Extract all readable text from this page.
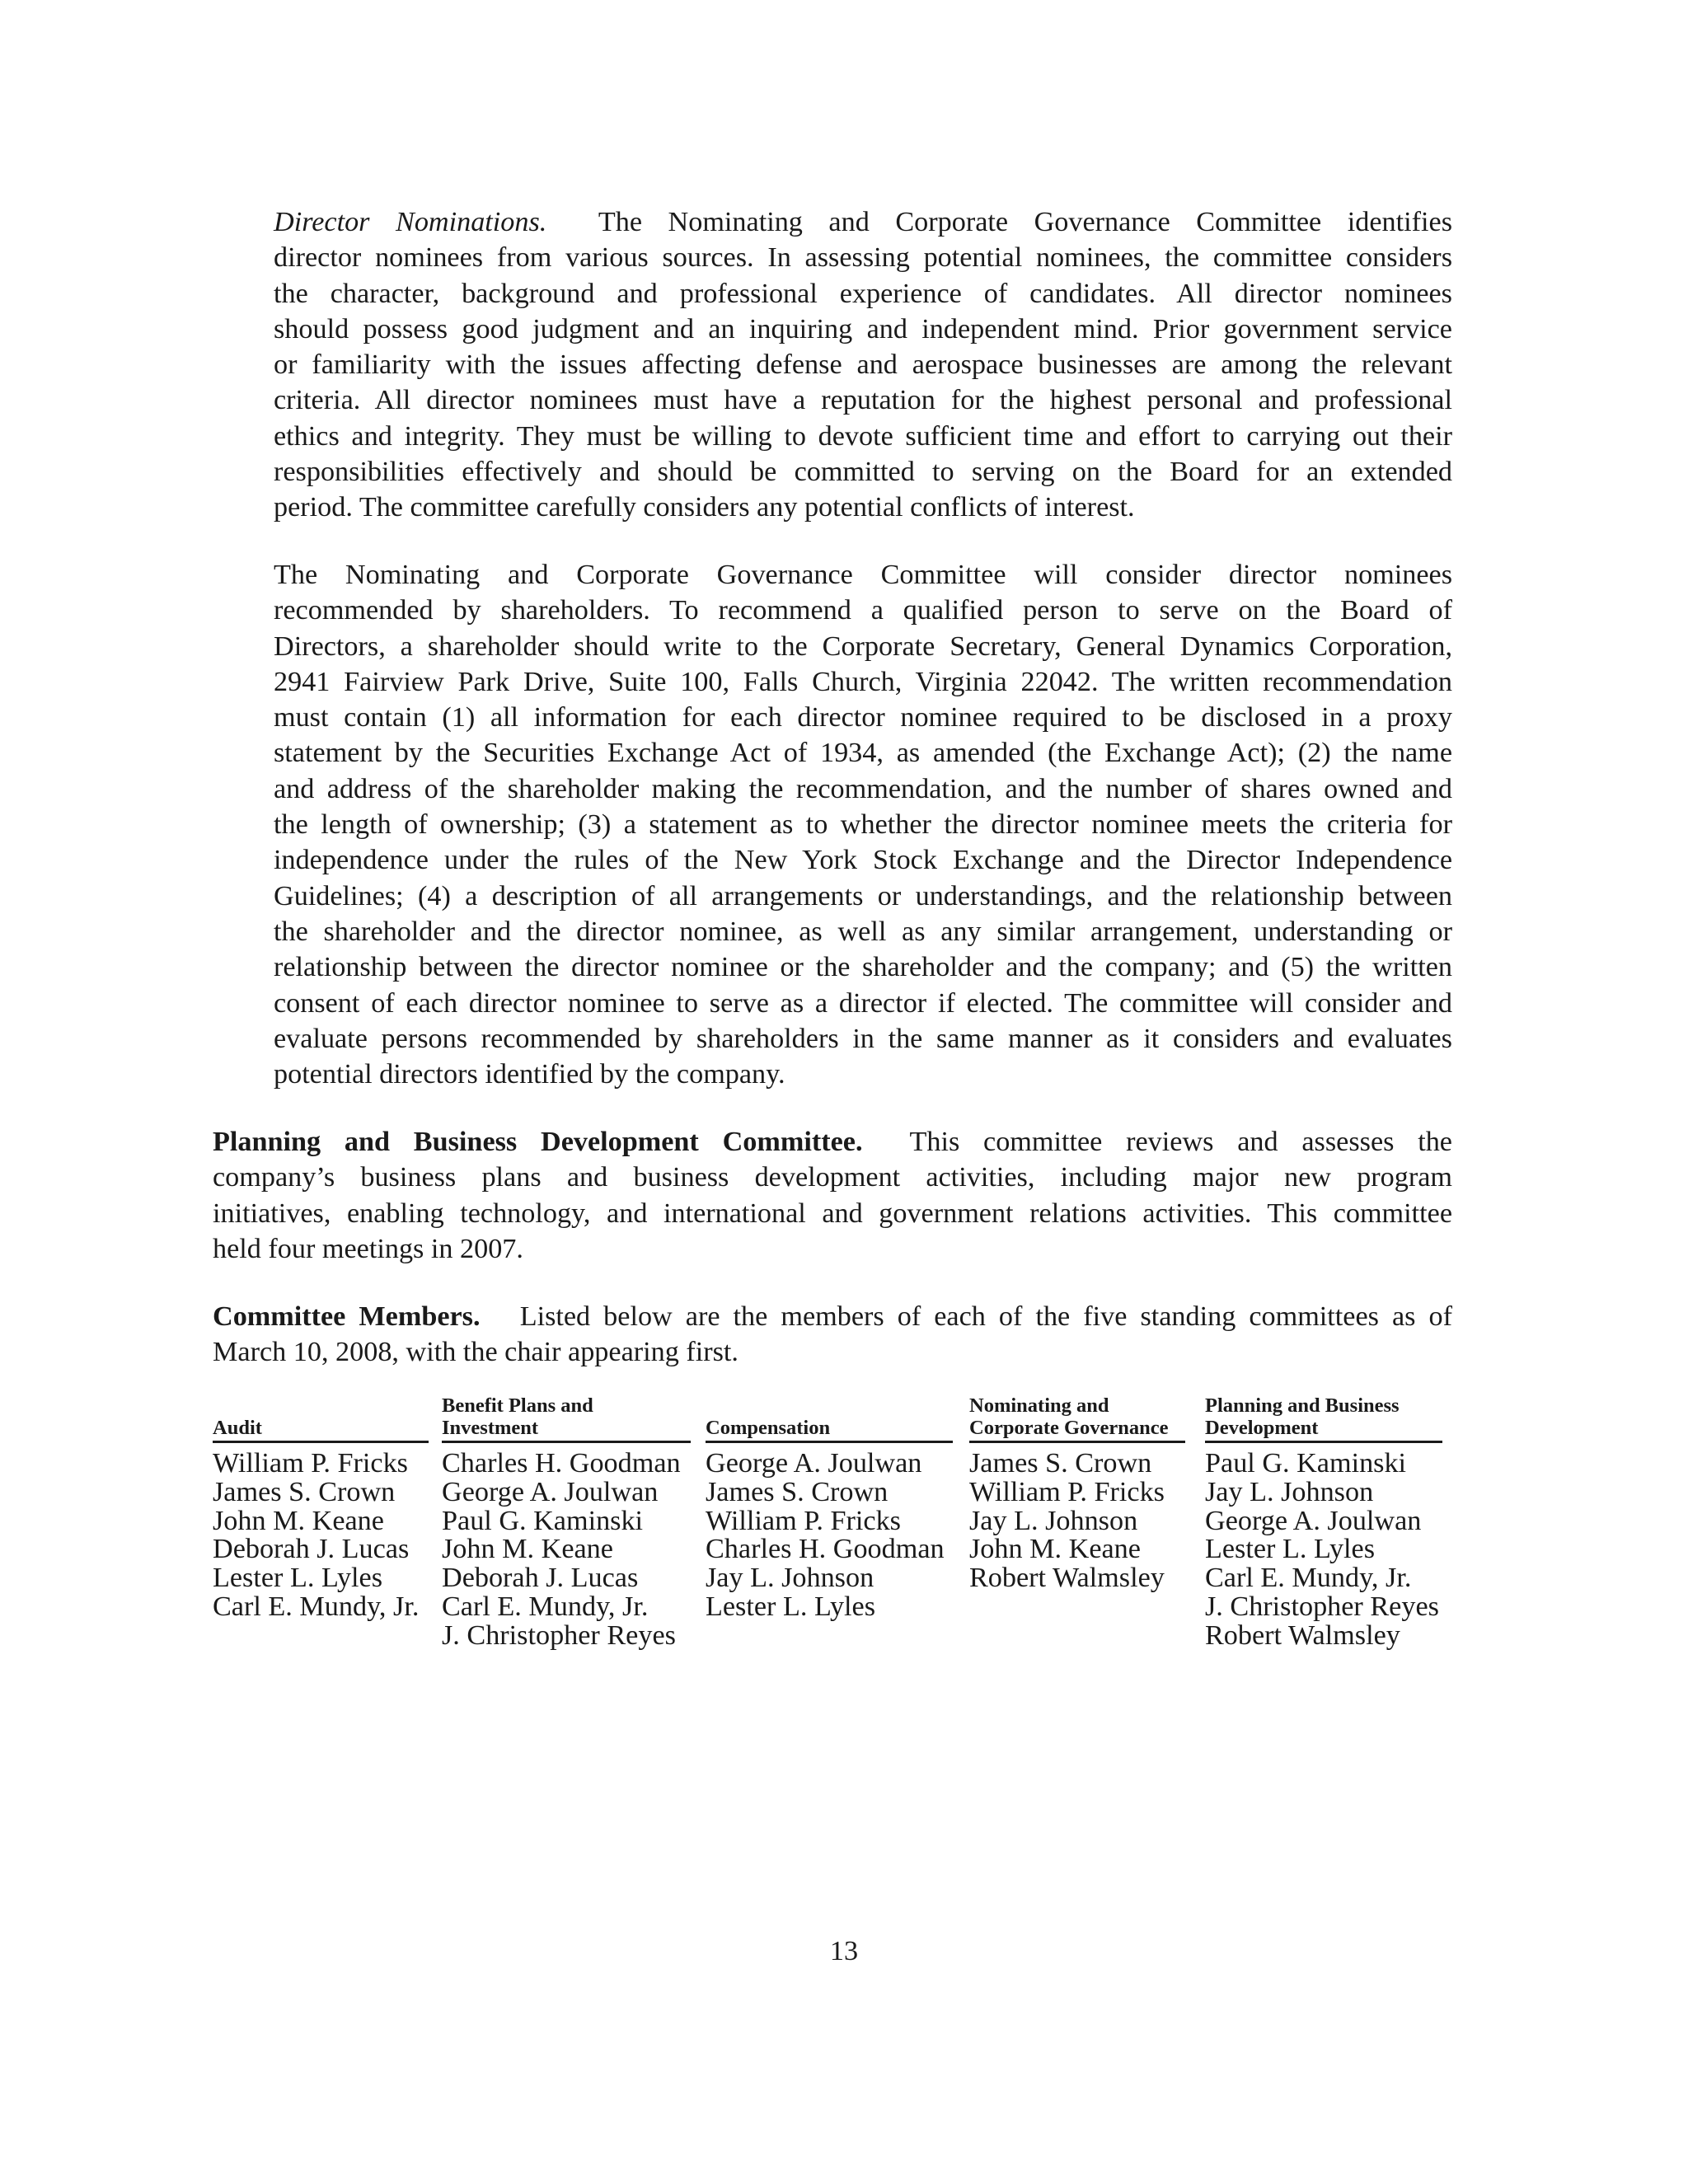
Director Nominations. The Nominating and Corporate Governance Committee identifies
director nominees from various sources. In assessing potential nominees, the committee considers
the character, background and professional experience of candidates. All director nominees
should possess good judgment and an inquiring and independent mind. Prior government service
or familiarity with the issues affecting defense and aerospace businesses are among the relevant
criteria. All director nominees must have a reputation for the highest personal and professional
ethics and integrity. They must be willing to devote sufficient time and effort to carrying out their
responsibilities effectively and should be committed to serving on the Board for an extended
period. The committee carefully considers any potential conflicts of interest.
The Nominating and Corporate Governance Committee will consider director nominees
recommended by shareholders. To recommend a qualified person to serve on the Board of
Directors, a shareholder should write to the Corporate Secretary, General Dynamics Corporation,
2941 Fairview Park Drive, Suite 100, Falls Church, Virginia 22042. The written recommendation
must contain (1) all information for each director nominee required to be disclosed in a proxy
statement by the Securities Exchange Act of 1934, as amended (the Exchange Act); (2) the name
and address of the shareholder making the recommendation, and the number of shares owned and
the length of ownership; (3) a statement as to whether the director nominee meets the criteria for
independence under the rules of the New York Stock Exchange and the Director Independence
Guidelines; (4) a description of all arrangements or understandings, and the relationship between
the shareholder and the director nominee, as well as any similar arrangement, understanding or
relationship between the director nominee or the shareholder and the company; and (5) the written
consent of each director nominee to serve as a director if elected. The committee will consider and
evaluate persons recommended by shareholders in the same manner as it considers and evaluates
potential directors identified by the company.
Planning and Business Development Committee. This committee reviews and assesses the
company’s business plans and business development activities, including major new program
initiatives, enabling technology, and international and government relations activities. This committee
held four meetings in 2007.
Committee Members. Listed below are the members of each of the five standing committees as of
March 10, 2008, with the chair appearing first.
Audit
William P. Fricks
James S. Crown
John M. Keane
Deborah J. Lucas
Lester L. Lyles
Carl E. Mundy, Jr.
Benefit Plans and
Investment
Charles H. Goodman
George A. Joulwan
Paul G. Kaminski
John M. Keane
Deborah J. Lucas
Carl E. Mundy, Jr.
J. Christopher Reyes
Compensation
George A. Joulwan
James S. Crown
William P. Fricks
Charles H. Goodman
Jay L. Johnson
Lester L. Lyles
Nominating and
Corporate Governance
James S. Crown
William P. Fricks
Jay L. Johnson
John M. Keane
Robert Walmsley
Planning and Business
Development
Paul G. Kaminski
Jay L. Johnson
George A. Joulwan
Lester L. Lyles
Carl E. Mundy, Jr.
J. Christopher Reyes
Robert Walmsley
13
